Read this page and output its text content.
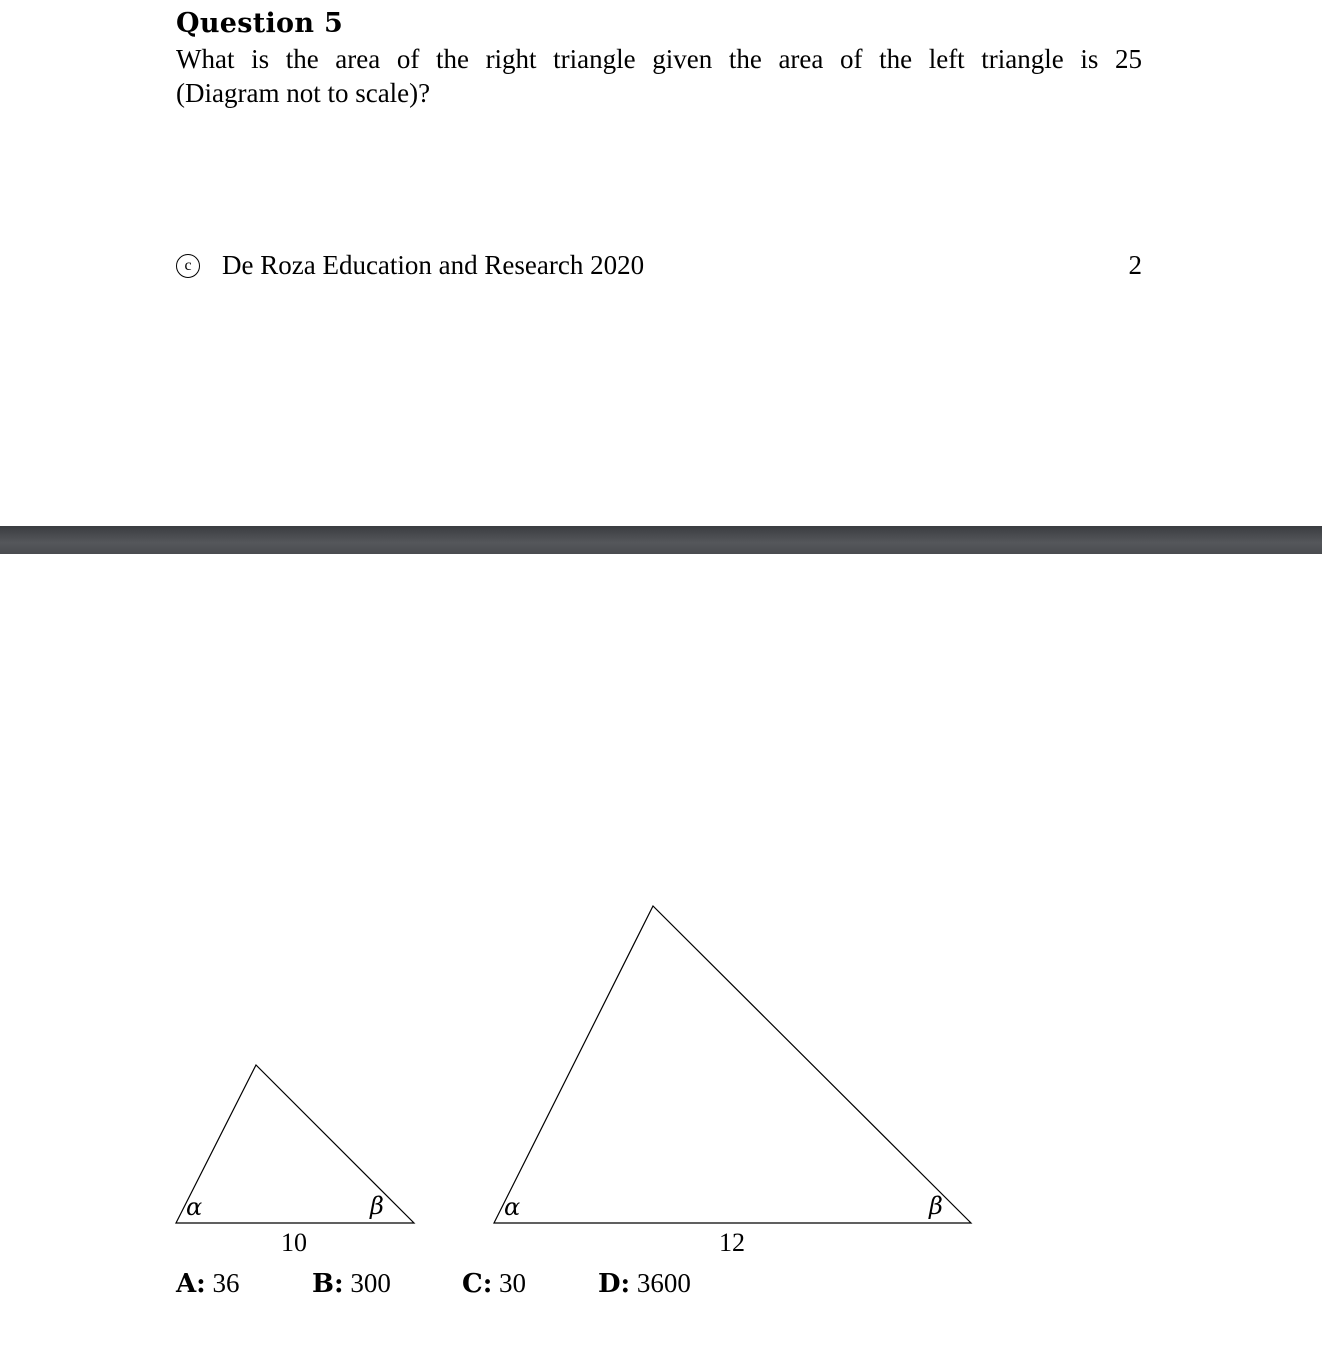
Question 5
What is the area of the right triangle given the area of the left triangle is 25
(Diagram not to scale)?
c	De Roza Education and Research 2020	2
α	β
10
α	β
12
A: 36	B: 300	C: 30	D: 3600
